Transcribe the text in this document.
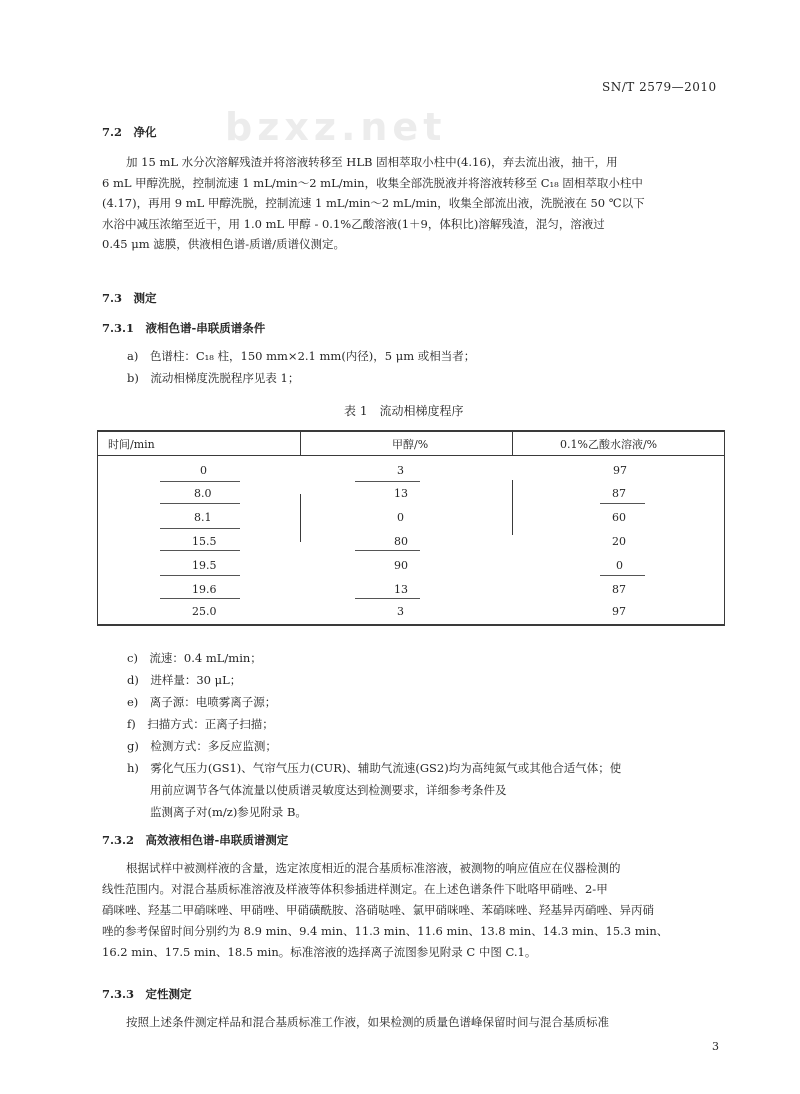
bzxz.net
SN/T 2579—2010
7.2　净化
加 15 mL 水分次溶解残渣并将溶液转移至 HLB 固相萃取小柱中(4.16)，弃去流出液，抽干，用
6 mL 甲醇洗脱，控制流速 1 mL/min～2 mL/min，收集全部洗脱液并将溶液转移至 C₁₈ 固相萃取小柱中
(4.17)，再用 9 mL 甲醇洗脱，控制流速 1 mL/min～2 mL/min，收集全部流出液，洗脱液在 50 ℃以下
水浴中减压浓缩至近干，用 1.0 mL 甲醇 - 0.1%乙酸溶液(1＋9，体积比)溶解残渣，混匀，溶液过
0.45 μm 滤膜，供液相色谱-质谱/质谱仪测定。
7.3　测定
7.3.1　液相色谱-串联质谱条件
a)　色谱柱：C₁₈ 柱，150 mm×2.1 mm(内径)，5 μm 或相当者；
b)　流动相梯度洗脱程序见表 1；
表 1　流动相梯度程序
时间/min	甲醇/%	0.1%乙酸水溶液/%
0	3	97
8.0	13	87
8.1	0	60
15.5	80	20
19.5	90	0
19.6	13	87
25.0	3	97
c)　流速：0.4 mL/min；
d)　进样量：30 μL；
e)　离子源：电喷雾离子源；
f)　扫描方式：正离子扫描；
g)　检测方式：多反应监测；
h)　雾化气压力(GS1)、气帘气压力(CUR)、辅助气流速(GS2)均为高纯氮气或其他合适气体；使
用前应调节各气体流量以使质谱灵敏度达到检测要求，详细参考条件及
监测离子对(m/z)参见附录 B。
7.3.2　高效液相色谱-串联质谱测定
根据试样中被测样液的含量，选定浓度相近的混合基质标准溶液，被测物的响应值应在仪器检测的
线性范围内。对混合基质标准溶液及样液等体积参插进样测定。在上述色谱条件下吡咯甲硝唑、2-甲
硝咪唑、羟基二甲硝咪唑、甲硝唑、甲硝磺酰胺、洛硝哒唑、氯甲硝咪唑、苯硝咪唑、羟基异丙硝唑、异丙硝
唑的参考保留时间分别约为 8.9 min、9.4 min、11.3 min、11.6 min、13.8 min、14.3 min、15.3 min、
16.2 min、17.5 min、18.5 min。标准溶液的选择离子流图参见附录 C 中图 C.1。
7.3.3　定性测定
按照上述条件测定样品和混合基质标准工作液，如果检测的质量色谱峰保留时间与混合基质标准
3
